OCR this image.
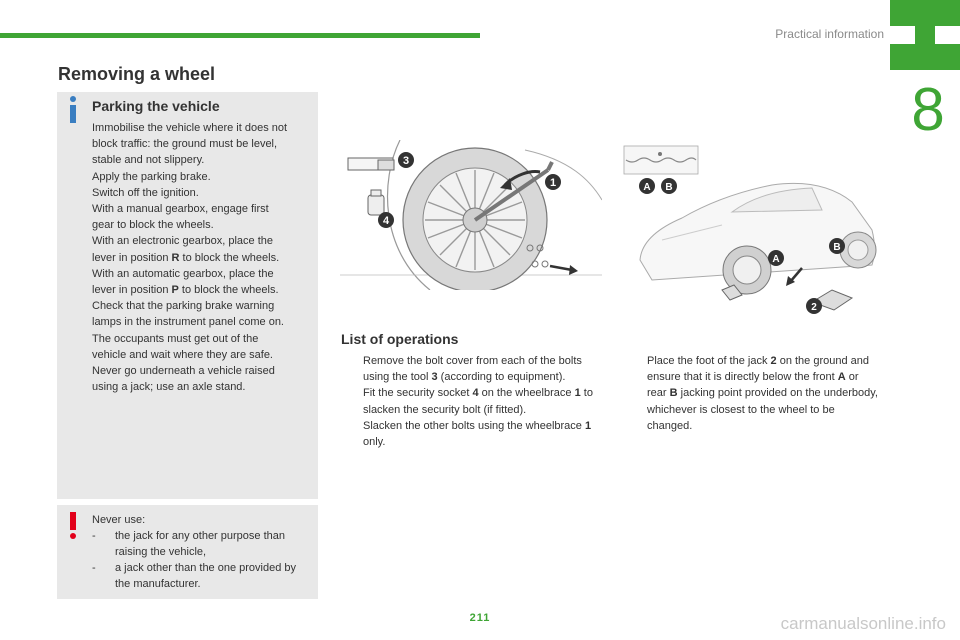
Practical information
8
Removing a wheel
Parking the vehicle
Immobilise the vehicle where it does not
block traffic: the ground must be level,
stable and not slippery.
Apply the parking brake.
Switch off the ignition.
With a manual gearbox, engage first
gear to block the wheels.
With an electronic gearbox, place the
lever in position R to block the wheels.
With an automatic gearbox, place the
lever in position P to block the wheels.
Check that the parking brake warning
lamps in the instrument panel come on.
The occupants must get out of the
vehicle and wait where they are safe.
Never go underneath a vehicle raised
using a jack; use an axle stand.
Never use:
- the jack for any other purpose than raising the vehicle,
- a jack other than the one provided by the manufacturer.
1
3
4
A B
A
B
2
List of operations
Remove the bolt cover from each of the bolts using the tool 3 (according to equipment).
Fit the security socket 4 on the wheelbrace 1 to slacken the security bolt (if fitted).
Slacken the other bolts using the wheelbrace 1 only.
Place the foot of the jack 2 on the ground and ensure that it is directly below the front A or rear B jacking point provided on the underbody, whichever is closest to the wheel to be changed.
211	carmanualsonline.info
